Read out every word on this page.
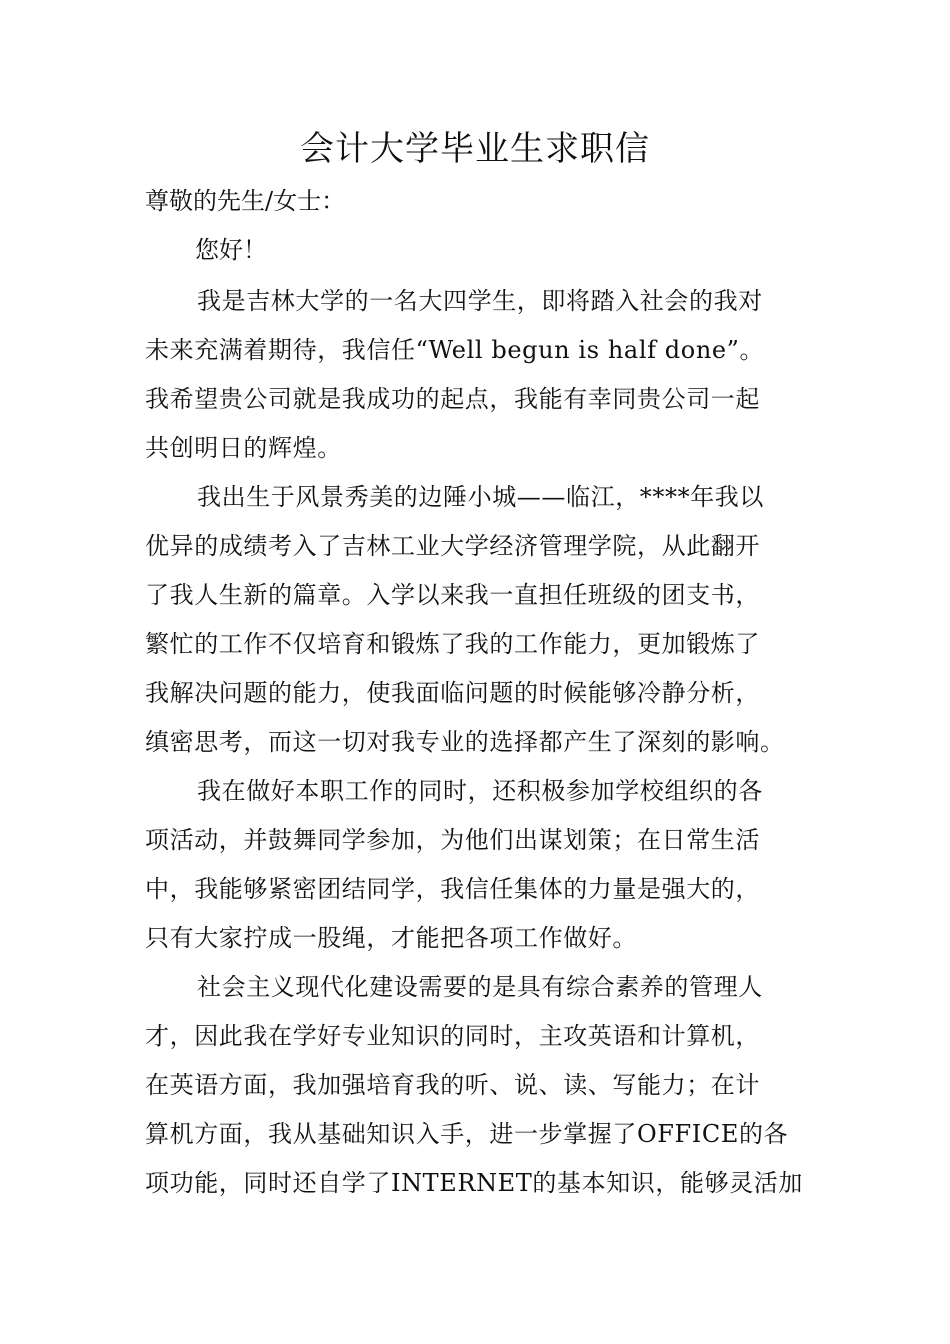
会计大学毕业生求职信

尊敬的先生/女士：

您好！

我是吉林大学的一名大四学生，即将踏入社会的我对
未来充满着期待，我信任“Well begun is half done”。
我希望贵公司就是我成功的起点，我能有幸同贵公司一起
共创明日的辉煌。
我出生于风景秀美的边陲小城——临江，****年我以
优异的成绩考入了吉林工业大学经济管理学院，从此翻开
了我人生新的篇章。入学以来我一直担任班级的团支书，
繁忙的工作不仅培育和锻炼了我的工作能力，更加锻炼了
我解决问题的能力，使我面临问题的时候能够冷静分析，
缜密思考，而这一切对我专业的选择都产生了深刻的影响。
我在做好本职工作的同时，还积极参加学校组织的各
项活动，并鼓舞同学参加，为他们出谋划策；在日常生活
中，我能够紧密团结同学，我信任集体的力量是强大的，
只有大家拧成一股绳，才能把各项工作做好。
社会主义现代化建设需要的是具有综合素养的管理人
才，因此我在学好专业知识的同时，主攻英语和计算机，
在英语方面，我加强培育我的听、说、读、写能力；在计
算机方面，我从基础知识入手，进一步掌握了OFFICE的各
项功能，同时还自学了INTERNET的基本知识，能够灵活加
